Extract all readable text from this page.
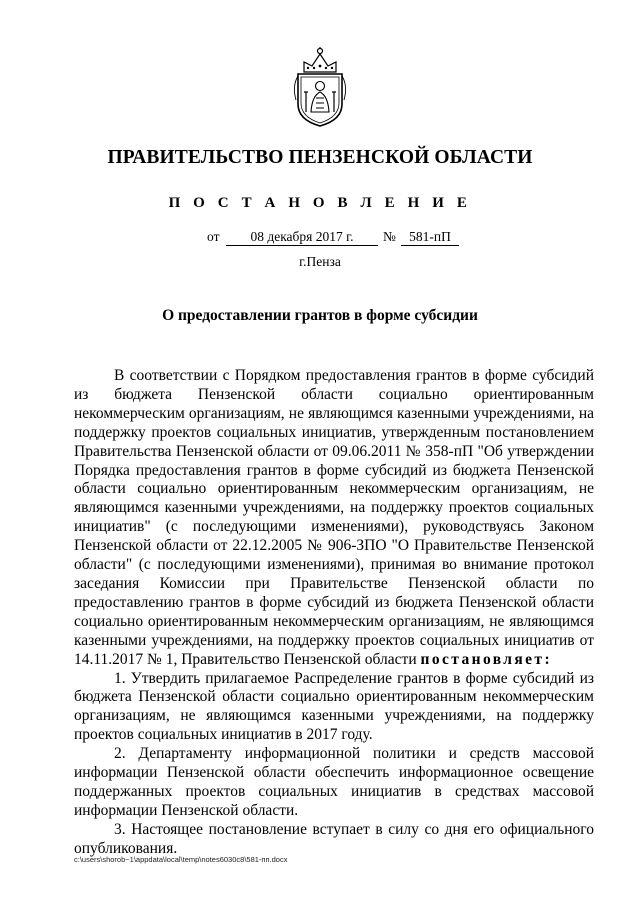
ПРАВИТЕЛЬСТВО ПЕНЗЕНСКОЙ ОБЛАСТИ
П О С Т А Н О В Л Е Н И Е
от	08 декабря 2017 г.	№ 581-пП
г.Пенза
О предоставлении грантов в форме субсидии

В соответствии с Порядком предоставления грантов в форме субсидий из бюджета Пензенской области социально ориентированным некоммерческим организациям, не являющимся казенными учреждениями, на поддержку проектов социальных инициатив, утвержденным постановлением Правительства Пензенской области от 09.06.2011 № 358-пП "Об утверждении Порядка предоставления грантов в форме субсидий из бюджета Пензенской области социально ориентированным некоммерческим организациям, не являющимся казенными учреждениями, на поддержку проектов социальных инициатив" (с последующими изменениями), руководствуясь Законом Пензенской области от 22.12.2005 № 906-ЗПО "О Правительстве Пензенской области" (с последующими изменениями), принимая во внимание протокол заседания Комиссии при Правительстве Пензенской области по предоставлению грантов в форме субсидий из бюджета Пензенской области социально ориентированным некоммерческим организациям, не являющимся казенными учреждениями, на поддержку проектов социальных инициатив от 14.11.2017 № 1, Правительство Пензенской области постановляет:

1. Утвердить прилагаемое Распределение грантов в форме субсидий из бюджета Пензенской области социально ориентированным некоммерческим организациям, не являющимся казенными учреждениями, на поддержку проектов социальных инициатив в 2017 году.

2. Департаменту информационной политики и средств массовой информации Пензенской области обеспечить информационное освещение поддержанных проектов социальных инициатив в средствах массовой информации Пензенской области.

3. Настоящее постановление вступает в силу со дня его официального опубликования.

c:\users\shorob~1\appdata\local\temp\notes6030c8\581-пп.docx
